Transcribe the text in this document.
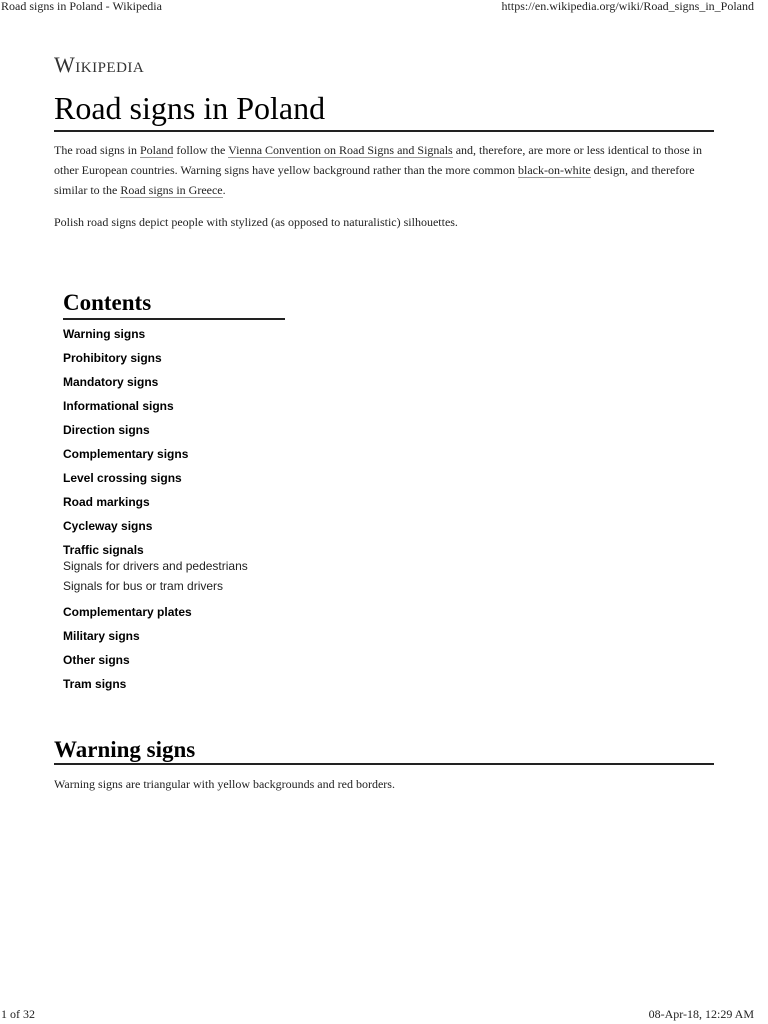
Road signs in Poland - Wikipedia	https://en.wikipedia.org/wiki/Road_signs_in_Poland
Wikipedia
Road signs in Poland

The road signs in Poland follow the Vienna Convention on Road Signs and Signals and, therefore, are more or less identical to those in other European countries. Warning signs have yellow background rather than the more common black-on-white design, and therefore similar to the Road signs in Greece.

Polish road signs depict people with stylized (as opposed to naturalistic) silhouettes.

Contents
Warning signs
Prohibitory signs
Mandatory signs
Informational signs
Direction signs
Complementary signs
Level crossing signs
Road markings
Cycleway signs
Traffic signals
Signals for drivers and pedestrians
Signals for bus or tram drivers
Complementary plates
Military signs
Other signs
Tram signs
Warning signs

Warning signs are triangular with yellow backgrounds and red borders.

1 of 32	08-Apr-18, 12:29 AM
